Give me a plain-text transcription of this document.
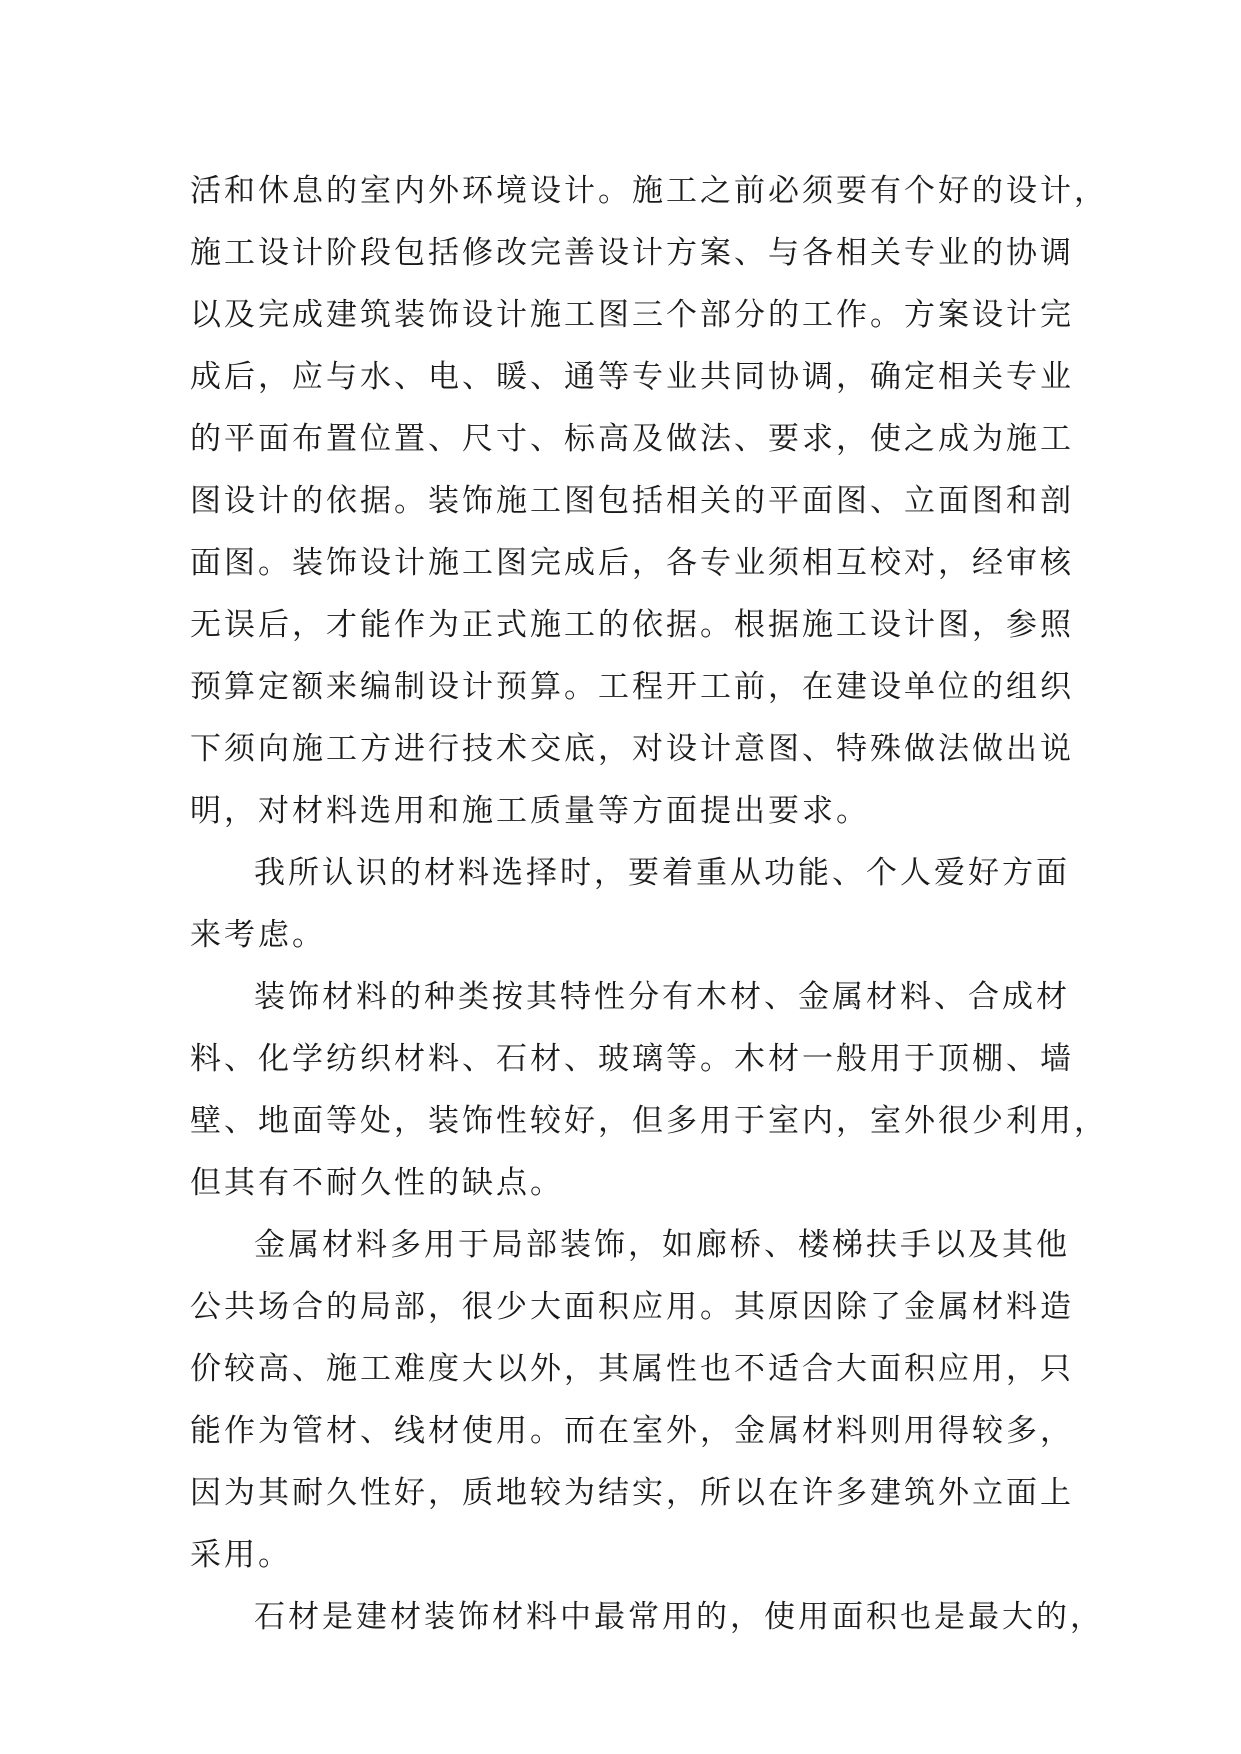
活和休息的室内外环境设计。施工之前必须要有个好的设计，
施工设计阶段包括修改完善设计方案、与各相关专业的协调
以及完成建筑装饰设计施工图三个部分的工作。方案设计完
成后，应与水、电、暖、通等专业共同协调，确定相关专业
的平面布置位置、尺寸、标高及做法、要求，使之成为施工
图设计的依据。装饰施工图包括相关的平面图、立面图和剖
面图。装饰设计施工图完成后，各专业须相互校对，经审核
无误后，才能作为正式施工的依据。根据施工设计图，参照
预算定额来编制设计预算。工程开工前，在建设单位的组织
下须向施工方进行技术交底，对设计意图、特殊做法做出说
明，对材料选用和施工质量等方面提出要求。
我所认识的材料选择时，要着重从功能、个人爱好方面
来考虑。
装饰材料的种类按其特性分有木材、金属材料、合成材
料、化学纺织材料、石材、玻璃等。木材一般用于顶棚、墙
壁、地面等处，装饰性较好，但多用于室内，室外很少利用，
但其有不耐久性的缺点。
金属材料多用于局部装饰，如廊桥、楼梯扶手以及其他
公共场合的局部，很少大面积应用。其原因除了金属材料造
价较高、施工难度大以外，其属性也不适合大面积应用，只
能作为管材、线材使用。而在室外，金属材料则用得较多，
因为其耐久性好，质地较为结实，所以在许多建筑外立面上
采用。
石材是建材装饰材料中最常用的，使用面积也是最大的，
